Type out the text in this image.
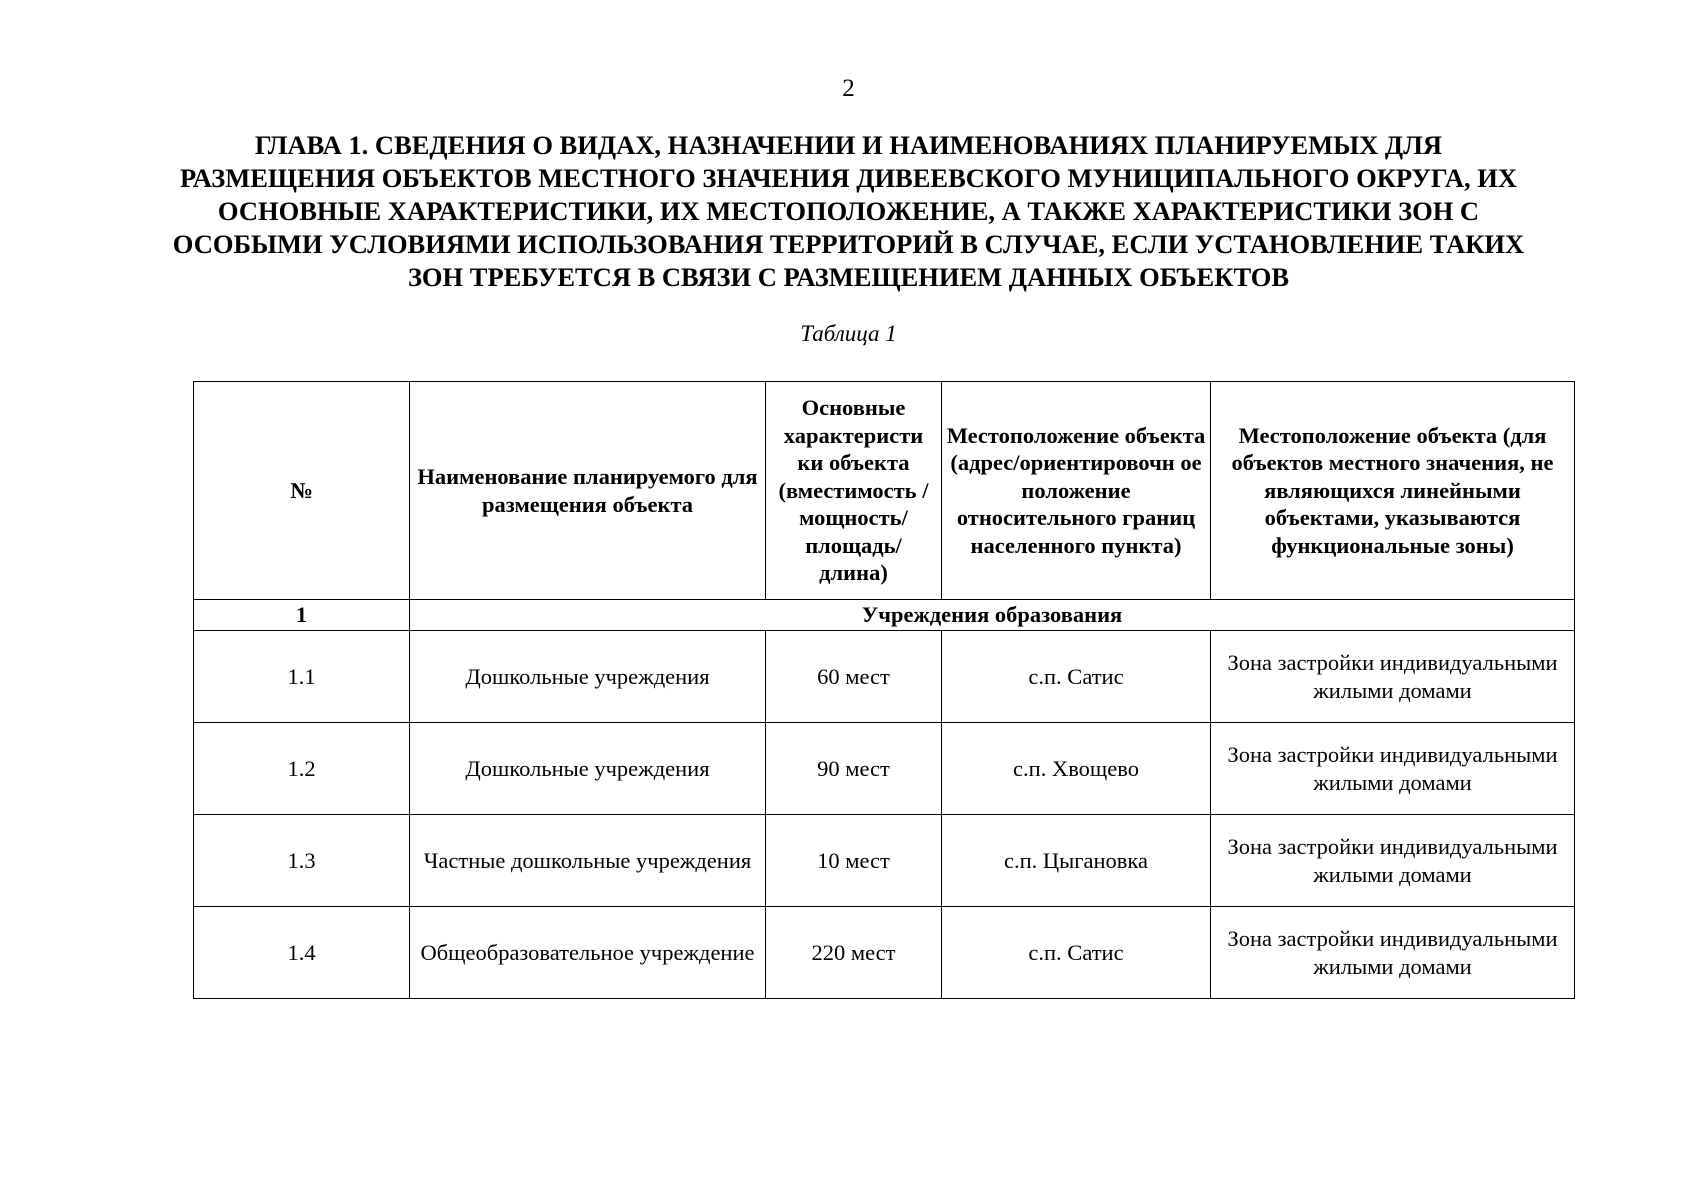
2
ГЛАВА 1. СВЕДЕНИЯ О ВИДАХ, НАЗНАЧЕНИИ И НАИМЕНОВАНИЯХ ПЛАНИРУЕМЫХ ДЛЯ
РАЗМЕЩЕНИЯ ОБЪЕКТОВ МЕСТНОГО ЗНАЧЕНИЯ ДИВЕЕВСКОГО МУНИЦИПАЛЬНОГО ОКРУГА, ИХ
ОСНОВНЫЕ ХАРАКТЕРИСТИКИ, ИХ МЕСТОПОЛОЖЕНИЕ, А ТАКЖЕ ХАРАКТЕРИСТИКИ ЗОН С
ОСОБЫМИ УСЛОВИЯМИ ИСПОЛЬЗОВАНИЯ ТЕРРИТОРИЙ В СЛУЧАЕ, ЕСЛИ УСТАНОВЛЕНИЕ ТАКИХ
ЗОН ТРЕБУЕТСЯ В СВЯЗИ С РАЗМЕЩЕНИЕМ ДАННЫХ ОБЪЕКТОВ
Таблица 1
№	Наименование планируемого для размещения объекта	Основные характеристи ки объекта (вместимость / мощность/ площадь/ длина)	Местоположение объекта (адрес/ориентировочн ое положение относительного границ населенного пункта)	Местоположение объекта (для объектов местного значения, не являющихся линейными объектами, указываются функциональные зоны)
1	Учреждения образования			
1.1	Дошкольные учреждения	60 мест	с.п. Сатис	Зона застройки индивидуальными жилыми домами
1.2	Дошкольные учреждения	90 мест	с.п. Хвощево	Зона застройки индивидуальными жилыми домами
1.3	Частные дошкольные учреждения	10 мест	с.п. Цыгановка	Зона застройки индивидуальными жилыми домами
1.4	Общеобразовательное учреждение	220 мест	с.п. Сатис	Зона застройки индивидуальными жилыми домами
